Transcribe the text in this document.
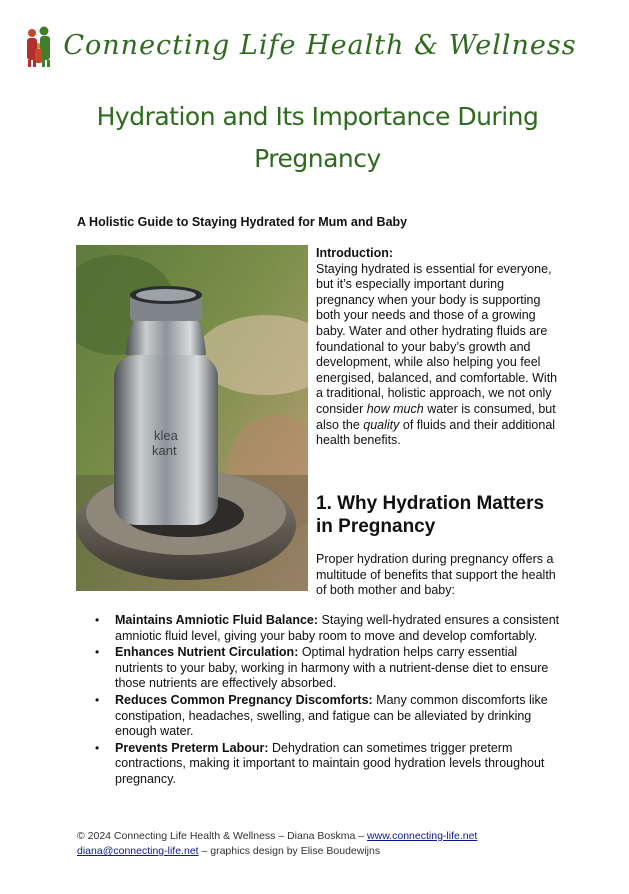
Connecting Life Health & Wellness
Hydration and Its Importance During Pregnancy
A Holistic Guide to Staying Hydrated for Mum and Baby
klea
kant
Introduction:
Staying hydrated is essential for everyone, but it’s especially important during pregnancy when your body is supporting both your needs and those of a growing baby. Water and other hydrating fluids are foundational to your baby’s growth and development, while also helping you feel energised, balanced, and comfortable. With a traditional, holistic approach, we not only consider how much water is consumed, but also the quality of fluids and their additional health benefits.
1. Why Hydration Matters in Pregnancy
Proper hydration during pregnancy offers a multitude of benefits that support the health of both mother and baby:
• Maintains Amniotic Fluid Balance: Staying well-hydrated ensures a consistent amniotic fluid level, giving your baby room to move and develop comfortably.
• Enhances Nutrient Circulation: Optimal hydration helps carry essential nutrients to your baby, working in harmony with a nutrient-dense diet to ensure those nutrients are effectively absorbed.
• Reduces Common Pregnancy Discomforts: Many common discomforts like constipation, headaches, swelling, and fatigue can be alleviated by drinking enough water.
• Prevents Preterm Labour: Dehydration can sometimes trigger preterm contractions, making it important to maintain good hydration levels throughout pregnancy.
© 2024 Connecting Life Health & Wellness – Diana Boskma – www.connecting-life.net
diana@connecting-life.net – graphics design by Elise Boudewijns
